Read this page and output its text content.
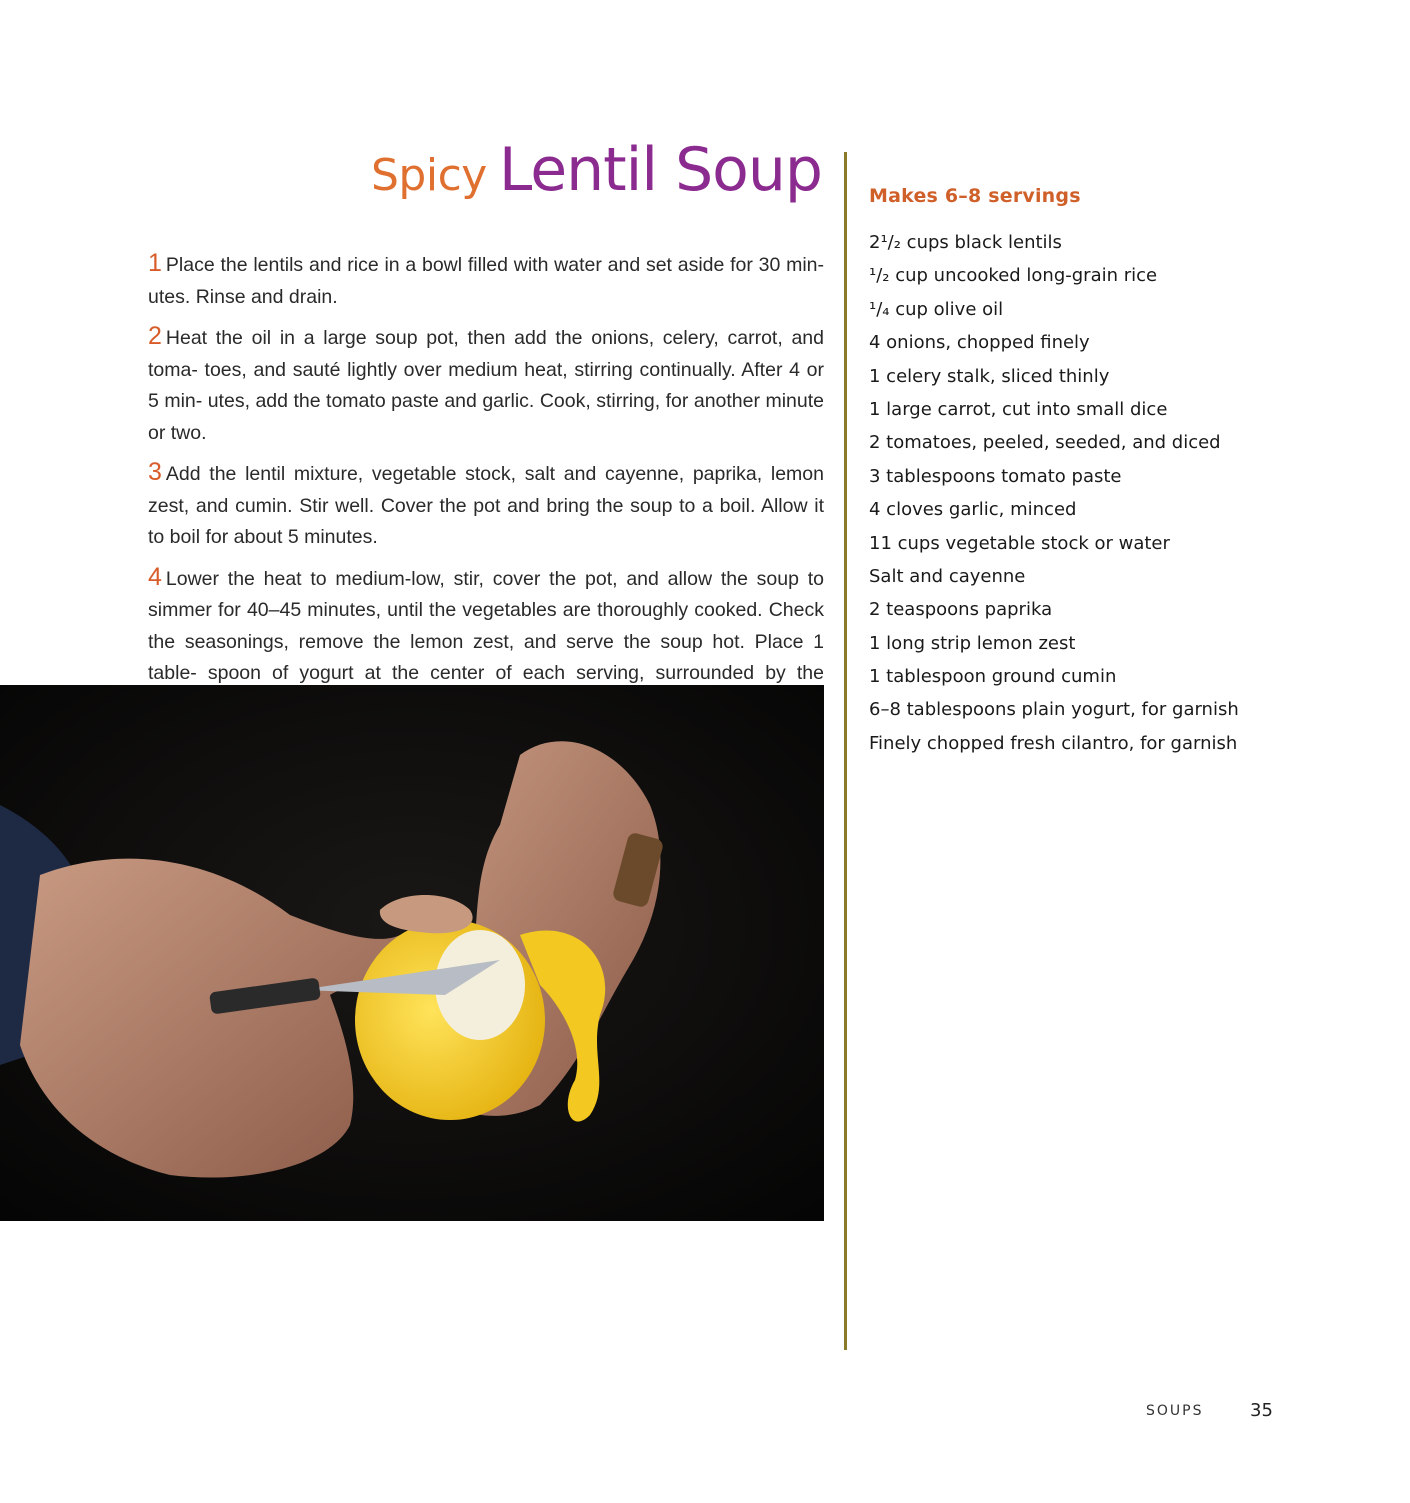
Spicy Lentil Soup

1 Place the lentils and rice in a bowl filled with water and set aside for 30 min- utes. Rinse and drain.

2 Heat the oil in a large soup pot, then add the onions, celery, carrot, and toma- toes, and sauté lightly over medium heat, stirring continually. After 4 or 5 min- utes, add the tomato paste and garlic. Cook, stirring, for another minute or two.

3 Add the lentil mixture, vegetable stock, salt and cayenne, paprika, lemon zest, and cumin. Stir well. Cover the pot and bring the soup to a boil. Allow it to boil for about 5 minutes.

4 Lower the heat to medium-low, stir, cover the pot, and allow the soup to simmer for 40–45 minutes, until the vegetables are thoroughly cooked. Check the seasonings, remove the lemon zest, and serve the soup hot. Place 1 table- spoon of yogurt at the center of each serving, surrounded by the

Makes 6–8 servings
2¹/₂ cups black lentils
¹/₂ cup uncooked long-grain rice
¹/₄ cup olive oil
4 onions, chopped finely
1 celery stalk, sliced thinly
1 large carrot, cut into small dice
2 tomatoes, peeled, seeded, and diced
3 tablespoons tomato paste
4 cloves garlic, minced
11 cups vegetable stock or water
Salt and cayenne
2 teaspoons paprika
1 long strip lemon zest
1 tablespoon ground cumin
6–8 tablespoons plain yogurt, for garnish
Finely chopped fresh cilantro, for garnish
SOUPS	35
